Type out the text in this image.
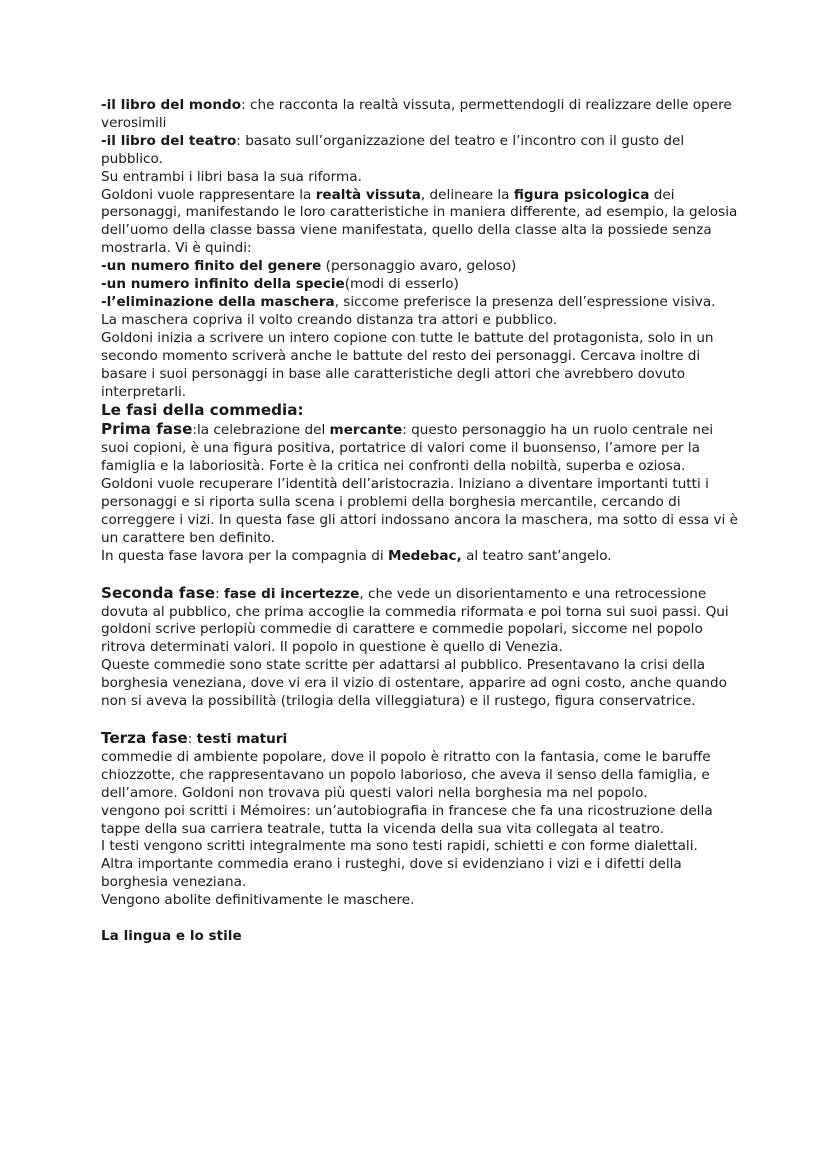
-il libro del mondo: che racconta la realtà vissuta, permettendogli di realizzare delle opere verosimili

-il libro del teatro: basato sull’organizzazione del teatro e l’incontro con il gusto del pubblico.

Su entrambi i libri basa la sua riforma.

Goldoni vuole rappresentare la realtà vissuta, delineare la figura psicologica dei personaggi, manifestando le loro caratteristiche in maniera differente, ad esempio, la gelosia dell’uomo della classe bassa viene manifestata, quello della classe alta la possiede senza mostrarla. Vi è quindi:

-un numero finito del genere (personaggio avaro, geloso)

-un numero infinito della specie(modi di esserlo)

-l’eliminazione della maschera, siccome preferisce la presenza dell’espressione visiva.

La maschera copriva il volto creando distanza tra attori e pubblico.

Goldoni inizia a scrivere un intero copione con tutte le battute del protagonista, solo in un secondo momento scriverà anche le battute del resto dei personaggi. Cercava inoltre di basare i suoi personaggi in base alle caratteristiche degli attori che avrebbero dovuto interpretarli.

Le fasi della commedia:

Prima fase:la celebrazione del mercante: questo personaggio ha un ruolo centrale nei suoi copioni, è una figura positiva, portatrice di valori come il buonsenso, l’amore per la famiglia e la laboriosità. Forte è la critica nei confronti della nobiltà, superba e oziosa.

Goldoni vuole recuperare l’identità dell’aristocrazia. Iniziano a diventare importanti tutti i personaggi e si riporta sulla scena i problemi della borghesia mercantile, cercando di correggere i vizi. In questa fase gli attori indossano ancora la maschera, ma sotto di essa vi è un carattere ben definito.

In questa fase lavora per la compagnia di Medebac, al teatro sant’angelo.

Seconda fase: fase di incertezze, che vede un disorientamento e una retrocessione dovuta al pubblico, che prima accoglie la commedia riformata e poi torna sui suoi passi. Qui goldoni scrive perlopiù commedie di carattere e commedie popolari, siccome nel popolo ritrova determinati valori. Il popolo in questione è quello di Venezia.

Queste commedie sono state scritte per adattarsi al pubblico. Presentavano la crisi della borghesia veneziana, dove vi era il vizio di ostentare, apparire ad ogni costo, anche quando non si aveva la possibilità (trilogia della villeggiatura) e il rustego, figura conservatrice.

Terza fase: testi maturi

commedie di ambiente popolare, dove il popolo è ritratto con la fantasia, come le baruffe chiozzotte, che rappresentavano un popolo laborioso, che aveva il senso della famiglia, e dell’amore. Goldoni non trovava più questi valori nella borghesia ma nel popolo.

vengono poi scritti i Mémoires: un’autobiografia in francese che fa una ricostruzione della tappe della sua carriera teatrale, tutta la vicenda della sua vita collegata al teatro.

I testi vengono scritti integralmente ma sono testi rapidi, schietti e con forme dialettali.

Altra importante commedia erano i rusteghi, dove si evidenziano i vizi e i difetti della borghesia veneziana.

Vengono abolite definitivamente le maschere.

La lingua e lo stile
